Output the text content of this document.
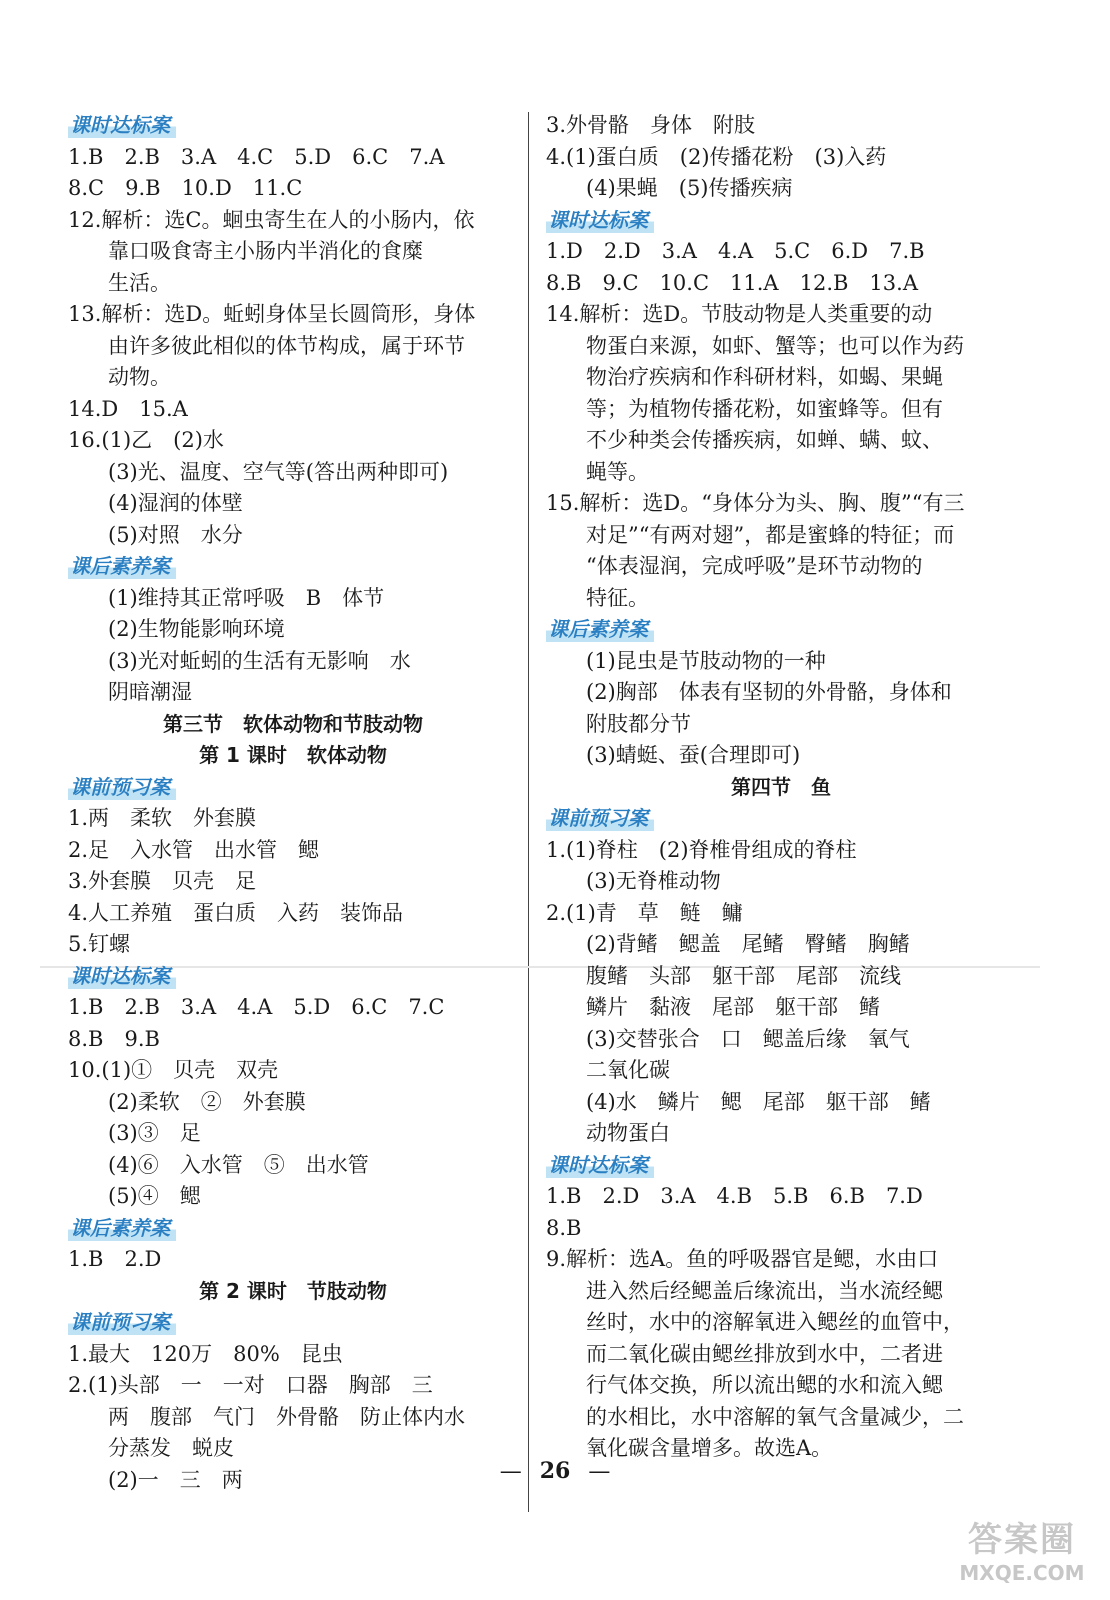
课时达标案
1.B　2.B　3.A　4.C　5.D　6.C　7.A
8.C　9.B　10.D　11.C
12.解析：选C。蛔虫寄生在人的小肠内，依
靠口吸食寄主小肠内半消化的食糜
生活。
13.解析：选D。蚯蚓身体呈长圆筒形，身体
由许多彼此相似的体节构成，属于环节
动物。
14.D　15.A
16.(1)乙　(2)水
(3)光、温度、空气等(答出两种即可)
(4)湿润的体壁
(5)对照　水分
课后素养案
(1)维持其正常呼吸　B　体节
(2)生物能影响环境
(3)光对蚯蚓的生活有无影响　水
阴暗潮湿
第三节　软体动物和节肢动物
第 1 课时　软体动物
课前预习案
1.两　柔软　外套膜
2.足　入水管　出水管　鳃
3.外套膜　贝壳　足
4.人工养殖　蛋白质　入药　装饰品
5.钉螺
课时达标案
1.B　2.B　3.A　4.A　5.D　6.C　7.C
8.B　9.B
10.(1)①　贝壳　双壳
(2)柔软　②　外套膜
(3)③　足
(4)⑥　入水管　⑤　出水管
(5)④　鳃
课后素养案
1.B　2.D
第 2 课时　节肢动物
课前预习案
1.最大　120万　80%　昆虫
2.(1)头部　一　一对　口器　胸部　三
两　腹部　气门　外骨骼　防止体内水
分蒸发　蜕皮
(2)一　三　两
3.外骨骼　身体　附肢
4.(1)蛋白质　(2)传播花粉　(3)入药
(4)果蝇　(5)传播疾病
课时达标案
1.D　2.D　3.A　4.A　5.C　6.D　7.B
8.B　9.C　10.C　11.A　12.B　13.A
14.解析：选D。节肢动物是人类重要的动
物蛋白来源，如虾、蟹等；也可以作为药
物治疗疾病和作科研材料，如蝎、果蝇
等；为植物传播花粉，如蜜蜂等。但有
不少种类会传播疾病，如蝉、螨、蚊、
蝇等。
15.解析：选D。“身体分为头、胸、腹”“有三
对足”“有两对翅”，都是蜜蜂的特征；而
“体表湿润，完成呼吸”是环节动物的
特征。
课后素养案
(1)昆虫是节肢动物的一种
(2)胸部　体表有坚韧的外骨骼，身体和
附肢都分节
(3)蜻蜓、蚕(合理即可)
第四节　鱼
课前预习案
1.(1)脊柱　(2)脊椎骨组成的脊柱
(3)无脊椎动物
2.(1)青　草　鲢　鳙
(2)背鳍　鳃盖　尾鳍　臀鳍　胸鳍
腹鳍　头部　躯干部　尾部　流线
鳞片　黏液　尾部　躯干部　鳍
(3)交替张合　口　鳃盖后缘　氧气
二氧化碳
(4)水　鳞片　鳃　尾部　躯干部　鳍
动物蛋白
课时达标案
1.B　2.D　3.A　4.B　5.B　6.B　7.D
8.B
9.解析：选A。鱼的呼吸器官是鳃，水由口
进入然后经鳃盖后缘流出，当水流经鳃
丝时，水中的溶解氧进入鳃丝的血管中，
而二氧化碳由鳃丝排放到水中，二者进
行气体交换，所以流出鳃的水和流入鳃
的水相比，水中溶解的氧气含量减少，二
氧化碳含量增多。故选A。
— 26 —
答案圈
MXQE.COM
